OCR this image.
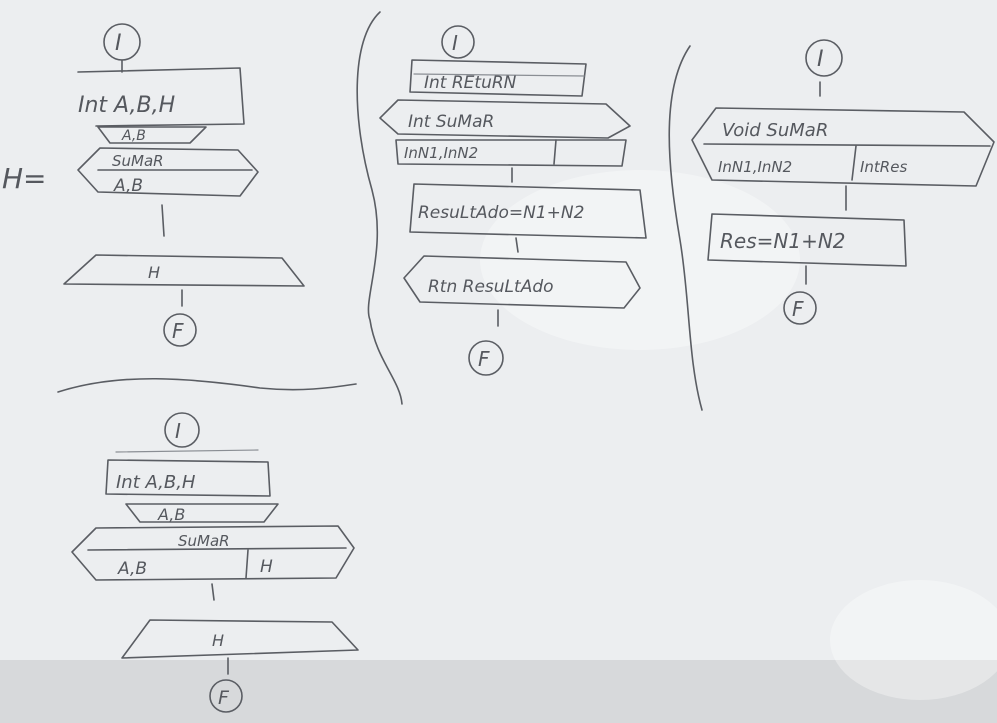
I
Int A,B,H
A,B
H=
SuMaR
A,B
H
F
I
Int REtuRN
Int SuMaR
InN1,InN2
ResuLtAdo=N1+N2
Rtn ResuLtAdo
F
I
Void SuMaR
InN1,InN2	IntRes
Res=N1+N2
F
I
Int A,B,H
A,B
SuMaR
A,B	H
H
F
